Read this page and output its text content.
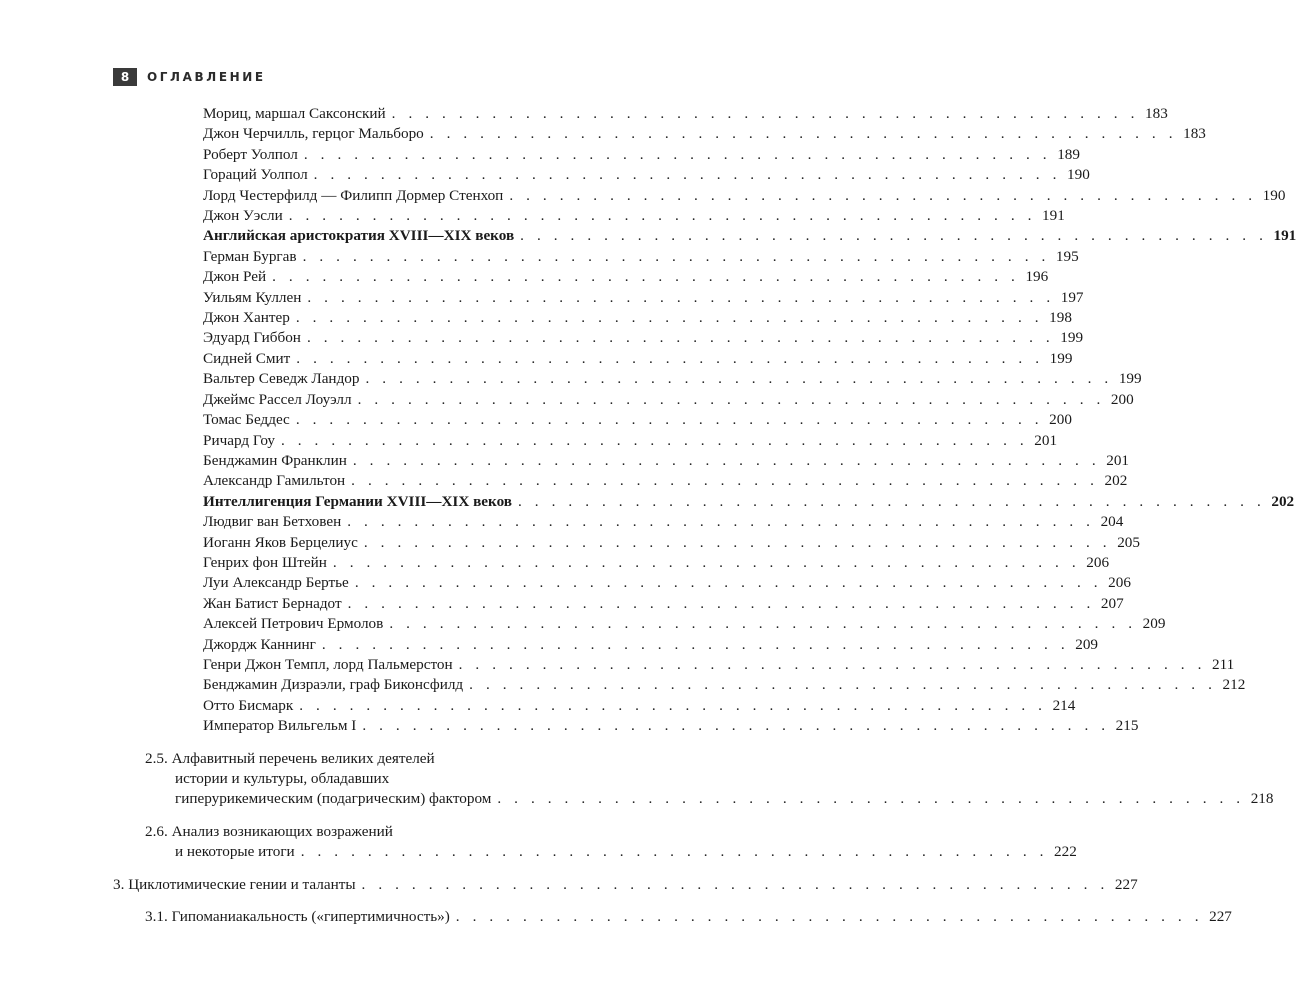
8	ОГЛАВЛЕНИЕ
Мориц, маршал Саксонский . . . . . . . . . . . . . . . . . . . . . . . . . . . . . . . . . . . . . . . . . . . . . 183
Джон Черчилль, герцог Мальборо . . . . . . . . . . . . . . . . . . . . . . . . . . . . . . . . . . . . . . . . . . . . . 183
Роберт Уолпол . . . . . . . . . . . . . . . . . . . . . . . . . . . . . . . . . . . . . . . . . . . . . 189
Гораций Уолпол . . . . . . . . . . . . . . . . . . . . . . . . . . . . . . . . . . . . . . . . . . . . . 190
Лорд Честерфилд — Филипп Дормер Стенхоп . . . . . . . . . . . . . . . . . . . . . . . . . . . . . . . . . . . . . . . . . . . . . 190
Джон Уэсли . . . . . . . . . . . . . . . . . . . . . . . . . . . . . . . . . . . . . . . . . . . . . 191
Английская аристократия XVIII—XIX веков . . . . . . . . . . . . . . . . . . . . . . . . . . . . . . . . . . . . . . . . . . . . . 191
Герман Бургав . . . . . . . . . . . . . . . . . . . . . . . . . . . . . . . . . . . . . . . . . . . . . 195
Джон Рей . . . . . . . . . . . . . . . . . . . . . . . . . . . . . . . . . . . . . . . . . . . . . 196
Уильям Куллен . . . . . . . . . . . . . . . . . . . . . . . . . . . . . . . . . . . . . . . . . . . . . 197
Джон Хантер . . . . . . . . . . . . . . . . . . . . . . . . . . . . . . . . . . . . . . . . . . . . . 198
Эдуард Гиббон . . . . . . . . . . . . . . . . . . . . . . . . . . . . . . . . . . . . . . . . . . . . . 199
Сидней Смит . . . . . . . . . . . . . . . . . . . . . . . . . . . . . . . . . . . . . . . . . . . . . 199
Вальтер Севедж Ландор . . . . . . . . . . . . . . . . . . . . . . . . . . . . . . . . . . . . . . . . . . . . . 199
Джеймс Рассел Лоуэлл . . . . . . . . . . . . . . . . . . . . . . . . . . . . . . . . . . . . . . . . . . . . . 200
Томас Беддес . . . . . . . . . . . . . . . . . . . . . . . . . . . . . . . . . . . . . . . . . . . . . 200
Ричард Гоу . . . . . . . . . . . . . . . . . . . . . . . . . . . . . . . . . . . . . . . . . . . . . 201
Бенджамин Франклин . . . . . . . . . . . . . . . . . . . . . . . . . . . . . . . . . . . . . . . . . . . . . 201
Александр Гамильтон . . . . . . . . . . . . . . . . . . . . . . . . . . . . . . . . . . . . . . . . . . . . . 202
Интеллигенция Германии XVIII—XIX веков . . . . . . . . . . . . . . . . . . . . . . . . . . . . . . . . . . . . . . . . . . . . . 202
Людвиг ван Бетховен . . . . . . . . . . . . . . . . . . . . . . . . . . . . . . . . . . . . . . . . . . . . . 204
Иоганн Яков Берцелиус . . . . . . . . . . . . . . . . . . . . . . . . . . . . . . . . . . . . . . . . . . . . . 205
Генрих фон Штейн . . . . . . . . . . . . . . . . . . . . . . . . . . . . . . . . . . . . . . . . . . . . . 206
Луи Александр Бертье . . . . . . . . . . . . . . . . . . . . . . . . . . . . . . . . . . . . . . . . . . . . . 206
Жан Батист Бернадот . . . . . . . . . . . . . . . . . . . . . . . . . . . . . . . . . . . . . . . . . . . . . 207
Алексей Петрович Ермолов . . . . . . . . . . . . . . . . . . . . . . . . . . . . . . . . . . . . . . . . . . . . . 209
Джордж Каннинг . . . . . . . . . . . . . . . . . . . . . . . . . . . . . . . . . . . . . . . . . . . . . 209
Генри Джон Темпл, лорд Пальмерстон . . . . . . . . . . . . . . . . . . . . . . . . . . . . . . . . . . . . . . . . . . . . . 211
Бенджамин Дизраэли, граф Биконсфилд . . . . . . . . . . . . . . . . . . . . . . . . . . . . . . . . . . . . . . . . . . . . . 212
Отто Бисмарк . . . . . . . . . . . . . . . . . . . . . . . . . . . . . . . . . . . . . . . . . . . . . 214
Император Вильгельм I . . . . . . . . . . . . . . . . . . . . . . . . . . . . . . . . . . . . . . . . . . . . . 215
2.5. Алфавитный перечень великих деятелей
истории и культуры, обладавших
гиперурикемическим (подагрическим) фактором . . . . . . . . . . . . . . . . . . . . . . . . . . . . . . . . . . . . . . . . . . . . . 218
2.6. Анализ возникающих возражений
и некоторые итоги . . . . . . . . . . . . . . . . . . . . . . . . . . . . . . . . . . . . . . . . . . . . . 222
3. Циклотимические гении и таланты . . . . . . . . . . . . . . . . . . . . . . . . . . . . . . . . . . . . . . . . . . . . . 227
3.1. Гипоманиакальность («гипертимичность») . . . . . . . . . . . . . . . . . . . . . . . . . . . . . . . . . . . . . . . . . . . . . 227
